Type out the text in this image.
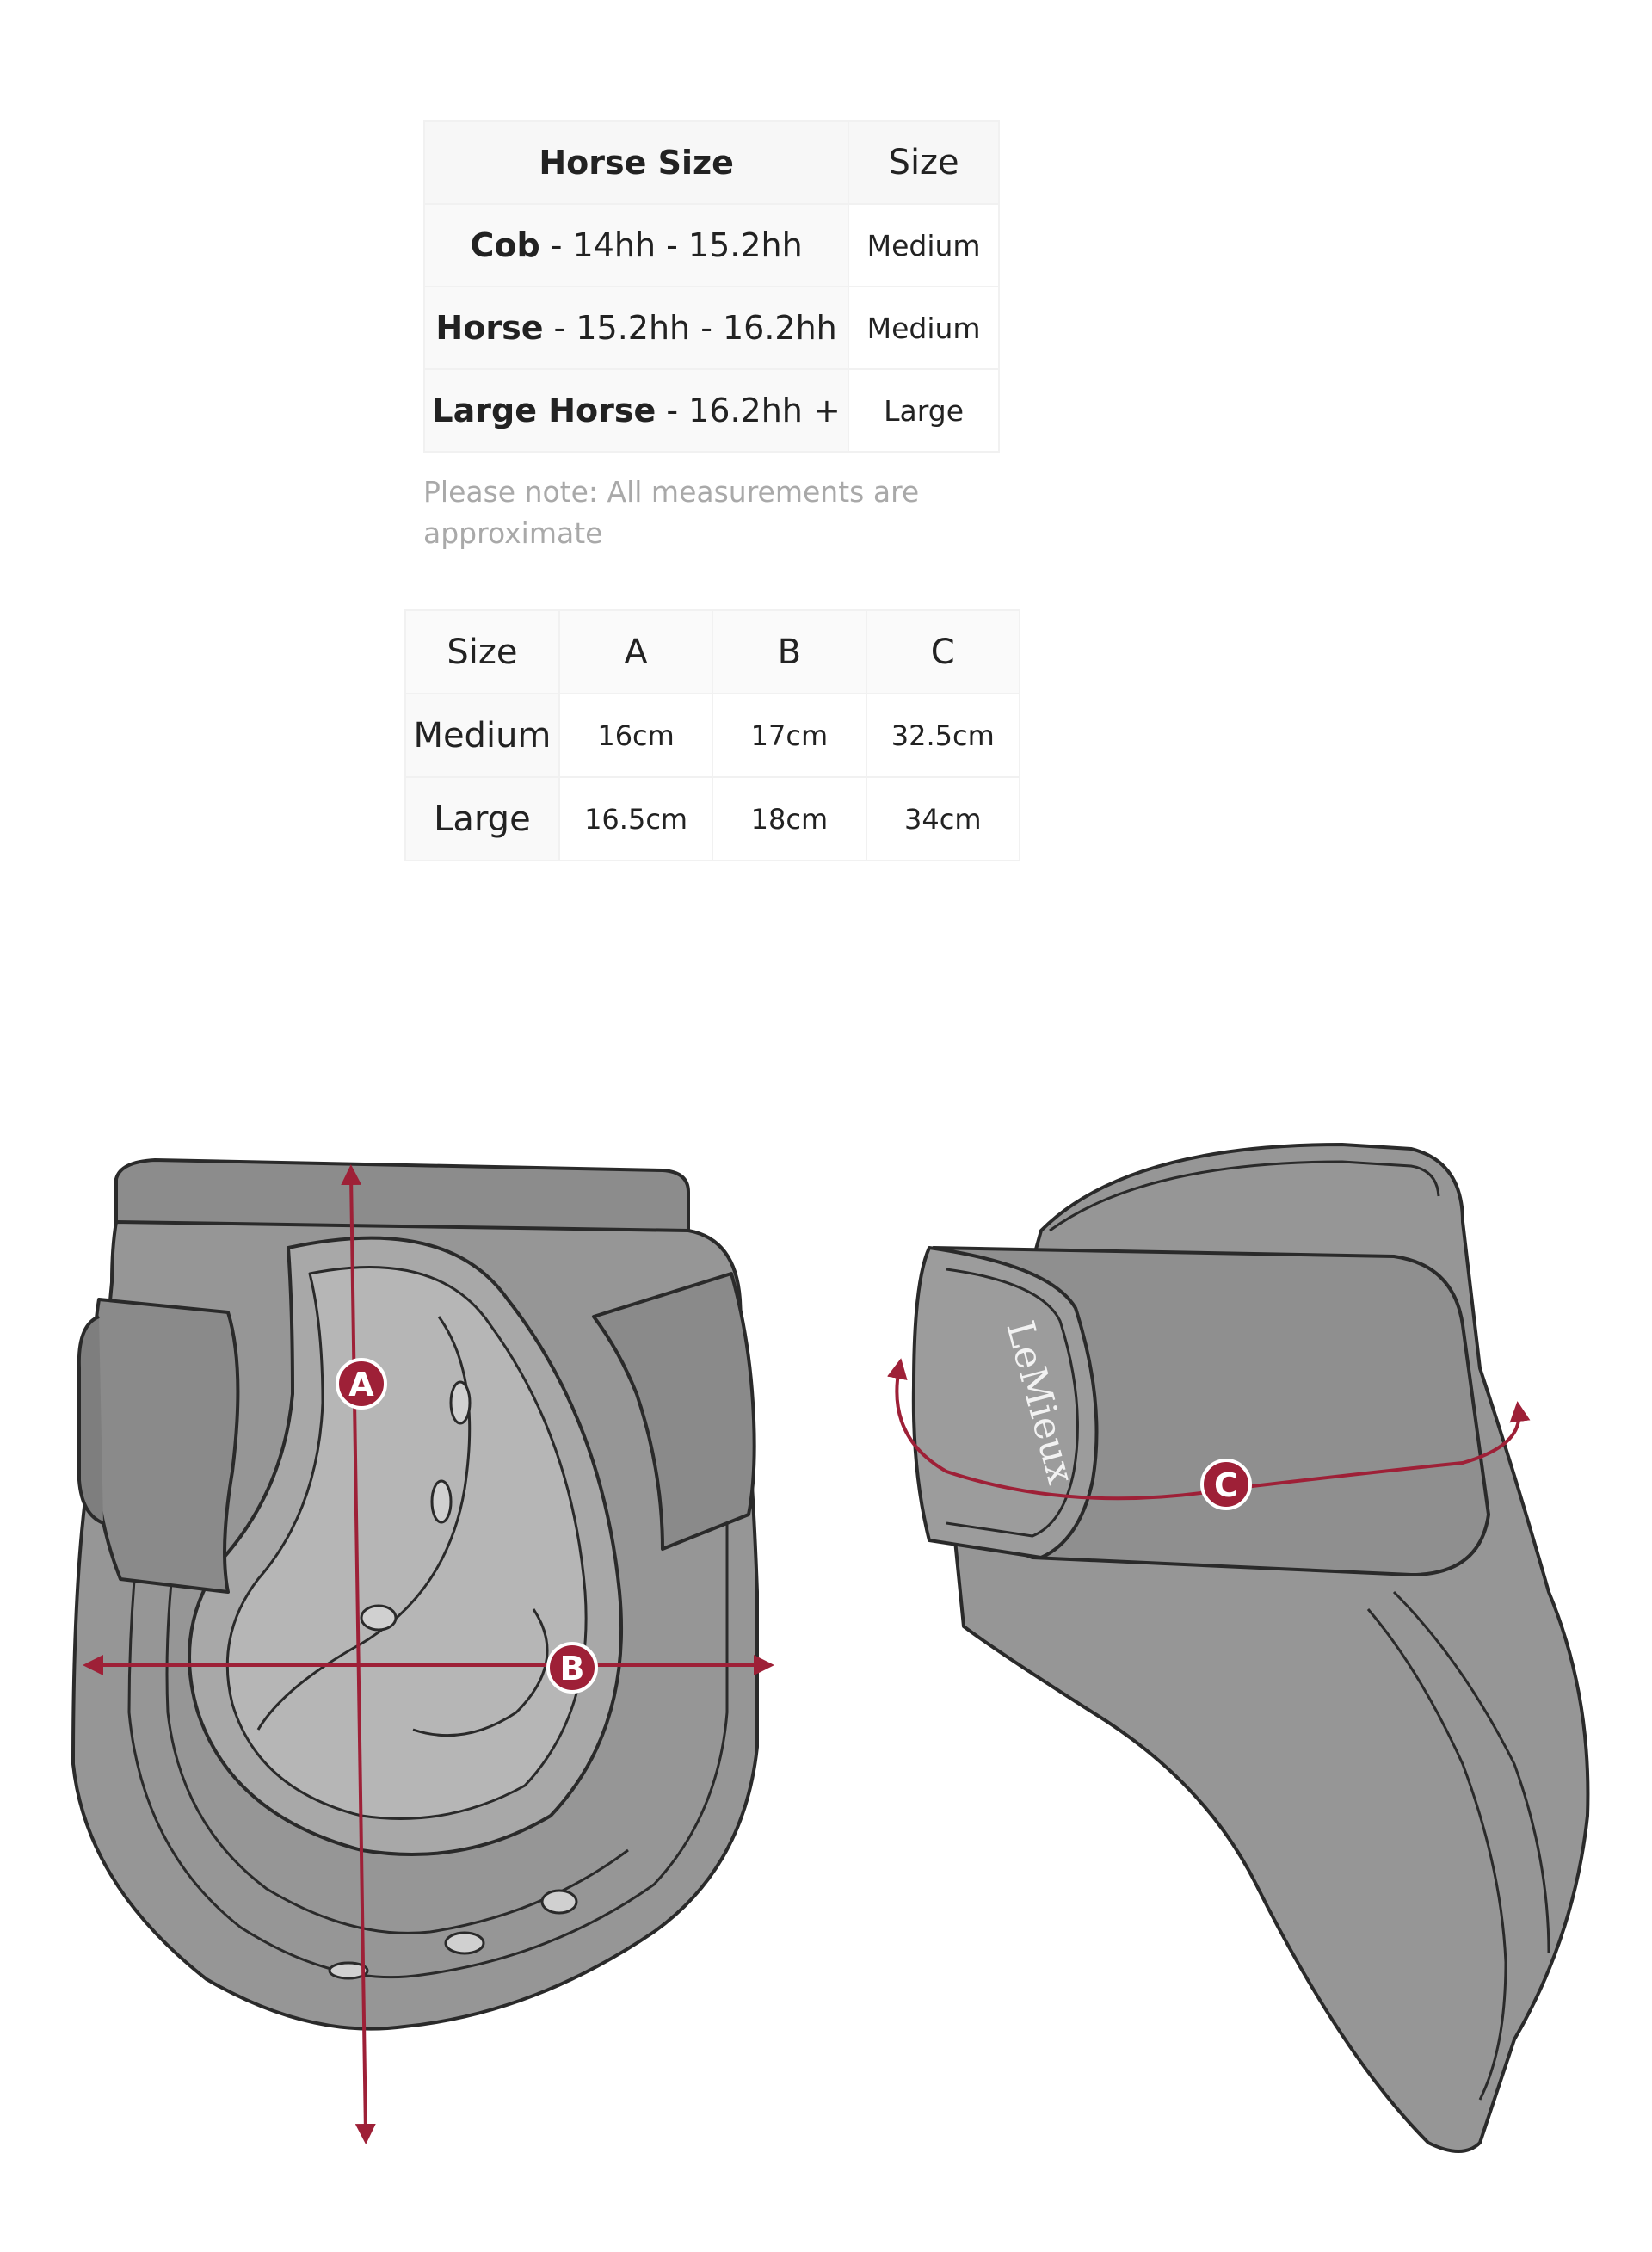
Horse Size	Size
Cob - 14hh - 15.2hh	Medium
Horse - 15.2hh - 16.2hh	Medium
Large Horse - 16.2hh +	Large
Please note: All measurements are
approximate
Size	A	B	C
Medium	16cm	17cm	32.5cm
Large	16.5cm	18cm	34cm
A
B
LeMieux	C
